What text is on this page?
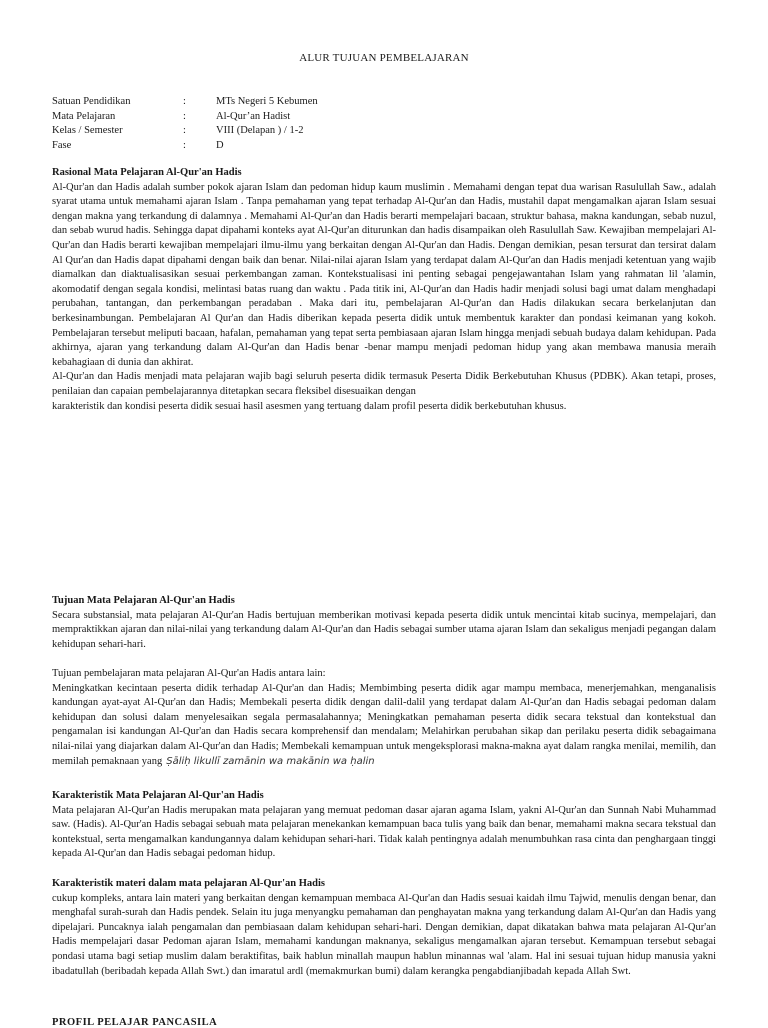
ALUR TUJUAN PEMBELAJARAN
Satuan Pendidikan	:	MTs Negeri 5 Kebumen
Mata Pelajaran	:	Al-Qur’an Hadist
Kelas / Semester	:	VIII (Delapan ) / 1-2
Fase	:	D
Rasional Mata Pelajaran Al-Qur'an Hadis
Al-Qur'an dan Hadis adalah sumber pokok ajaran Islam dan pedoman hidup kaum muslimin . Memahami dengan tepat dua warisan Rasulullah Saw., adalah syarat utama untuk memahami ajaran Islam . Tanpa pemahaman yang tepat terhadap Al-Qur'an dan Hadis, mustahil dapat mengamalkan ajaran Islam sesuai dengan makna yang terkandung di dalamnya . Memahami Al-Qur'an dan Hadis berarti mempelajari bacaan, struktur bahasa, makna kandungan, sebab nuzul, dan sebab wurud hadis. Sehingga dapat dipahami konteks ayat Al-Qur'an diturunkan dan hadis disampaikan oleh Rasulullah Saw. Kewajiban mempelajari Al-Qur'an dan Hadis berarti kewajiban mempelajari ilmu-ilmu yang berkaitan dengan Al-Qur'an dan Hadis. Dengan demikian, pesan tersurat dan tersirat dalam Al Qur'an dan Hadis dapat dipahami dengan baik dan benar. Nilai-nilai ajaran Islam yang terdapat dalam Al-Qur'an dan Hadis menjadi ketentuan yang wajib diamalkan dan diaktualisasikan sesuai perkembangan zaman. Kontekstualisasi ini penting sebagai pengejawantahan Islam yang rahmatan lil 'alamin, akomodatif dengan segala kondisi, melintasi batas ruang dan waktu . Pada titik ini, Al-Qur'an dan Hadis hadir menjadi solusi bagi umat dalam menghadapi perubahan, tantangan, dan perkembangan peradaban . Maka dari itu, pembelajaran Al-Qur'an dan Hadis dilakukan secara berkelanjutan dan berkesinambungan. Pembelajaran Al Qur'an dan Hadis diberikan kepada peserta didik untuk membentuk karakter dan pondasi keimanan yang kokoh. Pembelajaran tersebut meliputi bacaan, hafalan, pemahaman yang tepat serta pembiasaan ajaran Islam hingga menjadi sebuah budaya dalam kehidupan. Pada akhirnya, ajaran yang terkandung dalam Al-Qur'an dan Hadis benar -benar mampu menjadi pedoman hidup yang akan membawa manusia meraih kebahagiaan di dunia dan akhirat.
Al-Qur'an dan Hadis menjadi mata pelajaran wajib bagi seluruh peserta didik termasuk Peserta Didik Berkebutuhan Khusus (PDBK). Akan tetapi, proses, penilaian dan capaian pembelajarannya ditetapkan secara fleksibel disesuaikan dengan
karakteristik dan kondisi peserta didik sesuai hasil asesmen yang tertuang dalam profil peserta didik berkebutuhan khusus.
Tujuan Mata Pelajaran Al-Qur'an Hadis
Secara substansial, mata pelajaran Al-Qur'an Hadis bertujuan memberikan motivasi kepada peserta didik untuk mencintai kitab sucinya, mempelajari, dan mempraktikkan ajaran dan nilai-nilai yang terkandung dalam Al-Qur'an dan Hadis sebagai sumber utama ajaran Islam dan sekaligus menjadi pegangan dalam kehidupan sehari-hari.
Tujuan pembelajaran mata pelajaran Al-Qur'an Hadis antara lain:
Meningkatkan kecintaan peserta didik terhadap Al-Qur'an dan Hadis; Membimbing peserta didik agar mampu membaca, menerjemahkan, menganalisis kandungan ayat-ayat Al-Qur'an dan Hadis; Membekali peserta didik dengan dalil-dalil yang terdapat dalam Al-Qur'an dan Hadis sebagai pedoman dalam kehidupan dan solusi dalam menyelesaikan segala permasalahannya; Meningkatkan pemahaman peserta didik secara tekstual dan kontekstual dan pengamalan isi kandungan Al-Qur'an dan Hadis secara komprehensif dan mendalam; Melahirkan perubahan sikap dan perilaku peserta didik sebagaimana nilai-nilai yang diajarkan dalam Al-Qur'an dan Hadis; Membekali kemampuan untuk mengeksplorasi makna-makna ayat dalam rangka menilai, memilih, dan memilah pemaknaan yang Ṣāliḥ likullī zamānin wa makānin wa ḥalin
Karakteristik Mata Pelajaran Al-Qur'an Hadis
Mata pelajaran Al-Qur'an Hadis merupakan mata pelajaran yang memuat pedoman dasar ajaran agama Islam, yakni Al-Qur'an dan Sunnah Nabi Muhammad saw. (Hadis). Al-Qur'an Hadis sebagai sebuah mata pelajaran menekankan kemampuan baca tulis yang baik dan benar, memahami makna secara tekstual dan kontekstual, serta mengamalkan kandungannya dalam kehidupan sehari-hari. Tidak kalah pentingnya adalah menumbuhkan rasa cinta dan penghargaan tinggi kepada Al-Qur'an dan Hadis sebagai pedoman hidup.
Karakteristik materi dalam mata pelajaran Al-Qur'an Hadis
cukup kompleks, antara lain materi yang berkaitan dengan kemampuan membaca Al-Qur'an dan Hadis sesuai kaidah ilmu Tajwid, menulis dengan benar, dan menghafal surah-surah dan Hadis pendek. Selain itu juga menyangku pemahaman dan penghayatan makna yang terkandung dalam Al-Qur'an dan Hadis yang dipelajari. Puncaknya ialah pengamalan dan pembiasaan dalam kehidupan sehari-hari. Dengan demikian, dapat dikatakan bahwa mata pelajaran Al-Qur'an Hadis mempelajari dasar Pedoman ajaran Islam, memahami kandungan maknanya, sekaligus mengamalkan ajaran tersebut. Kemampuan tersebut sebagai pondasi utama bagi setiap muslim dalam beraktifitas, baik hablun minallah maupun hablun minannas wal 'alam. Hal ini sesuai tujuan hidup manusia yakni ibadatullah (beribadah kepada Allah Swt.) dan imaratul ardl (memakmurkan bumi) dalam kerangka pengabdianjibadah kepada Allah Swt.
PROFIL PELAJAR PANCASILA
